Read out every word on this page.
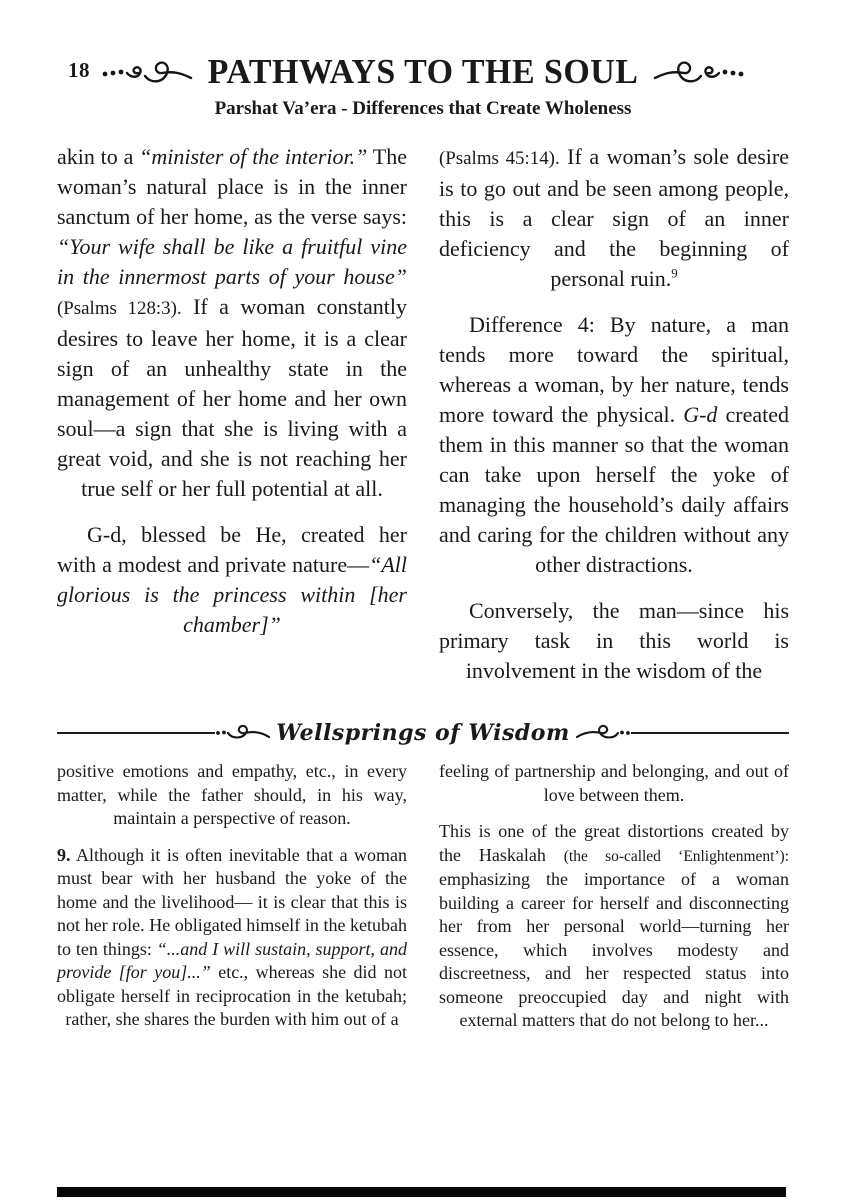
18	PATHWAYS TO THE SOUL
Parshat Va’era - Differences that Create Wholeness

akin to a “minister of the interior.” The woman’s natural place is in the inner sanctum of her home, as the verse says: “Your wife shall be like a fruitful vine in the innermost parts of your house” (Psalms 128:3). If a woman constantly desires to leave her home, it is a clear sign of an unhealthy state in the management of her home and her own soul—a sign that she is living with a great void, and she is not reaching her true self or her full potential at all.

G-d, blessed be He, created her with a modest and private nature—“All glorious is the princess within [her chamber]”

(Psalms 45:14). If a woman’s sole desire is to go out and be seen among people, this is a clear sign of an inner deficiency and the beginning of personal ruin.$^9$

Difference 4: By nature, a man tends more toward the spiritual, whereas a woman, by her nature, tends more toward the physical. G-d created them in this manner so that the woman can take upon herself the yoke of managing the household’s daily affairs and caring for the children without any other distractions.

Conversely, the man—since his primary task in this world is involvement in the wisdom of the

Wellsprings of Wisdom

positive emotions and empathy, etc., in every matter, while the father should, in his way, maintain a perspective of reason.

9. Although it is often inevitable that a woman must bear with her husband the yoke of the home and the livelihood— it is clear that this is not her role. He obligated himself in the ketubah to ten things: “...and I will sustain, support, and provide [for you]...” etc., whereas she did not obligate herself in reciprocation in the ketubah; rather, she shares the burden with him out of a

feeling of partnership and belonging, and out of love between them.

This is one of the great distortions created by the Haskalah (the so-called ‘Enlightenment’): emphasizing the importance of a woman building a career for herself and disconnecting her from her personal world—turning her essence, which involves modesty and discreetness, and her respected status into someone preoccupied day and night with external matters that do not belong to her...
